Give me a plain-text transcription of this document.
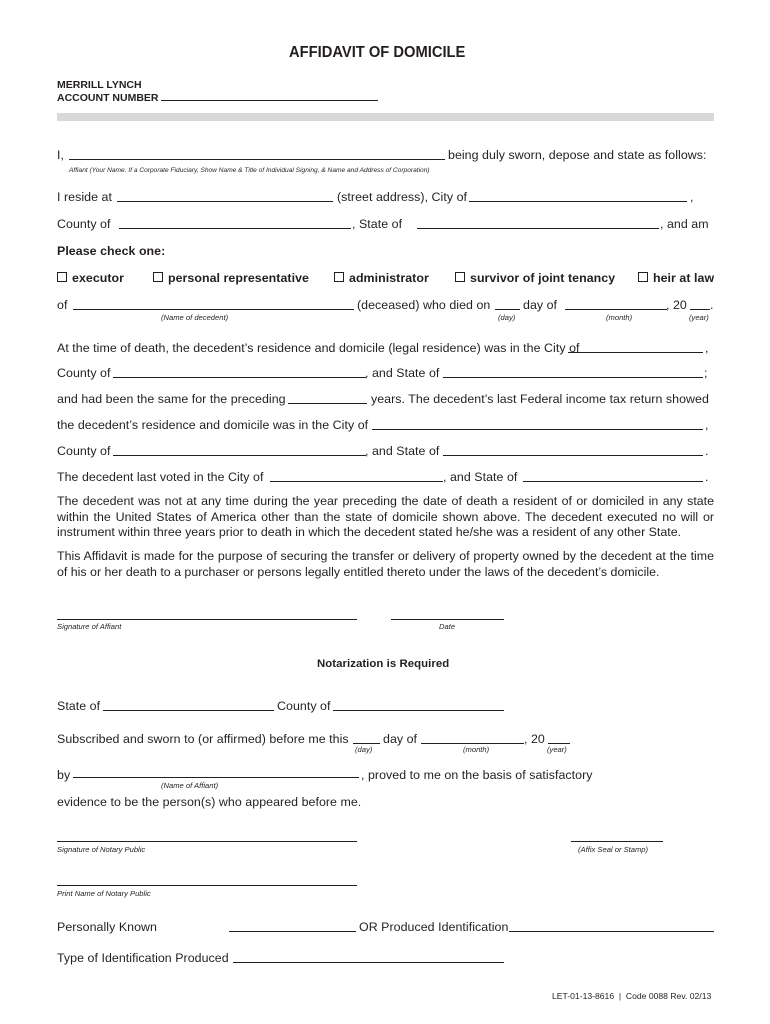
AFFIDAVIT OF DOMICILE
MERRILL LYNCH
ACCOUNT NUMBER
I,	being duly sworn, depose and state as follows:
Affiant (Your Name. If a Corporate Fiduciary, Show Name & Title of Individual Signing, & Name and Address of Corporation)
I reside at	(street address), City of	,
County of	, State of	, and am
Please check one:
executor	personal representative	administrator	survivor of joint tenancy	heir at law
of	(deceased) who died on	day of	, 20 .
(Name of decedent)	(day)	(month)	(year)
At the time of death, the decedent’s residence and domicile (legal residence) was in the City of	,
County of	, and State of	;
and had been the same for the preceding	years. The decedent’s last Federal income tax return showed
the decedent’s residence and domicile was in the City of	,
County of	, and State of	.
The decedent last voted in the City of	, and State of	.
The decedent was not at any time during the year preceding the date of death a resident of or domiciled in any state within the United States of America other than the state of domicile shown above. The decedent executed no will or instrument within three years prior to death in which the decedent stated he/she was a resident of any other State.
This Affidavit is made for the purpose of securing the transfer or delivery of property owned by the decedent at the time of his or her death to a purchaser or persons legally entitled thereto under the laws of the decedent’s domicile.
Signature of Affiant	Date
Notarization is Required
State of	County of
Subscribed and sworn to (or affirmed) before me this	day of	, 20
(day)	(month)	(year)
by	, proved to me on the basis of satisfactory
(Name of Affiant)
evidence to be the person(s) who appeared before me.
Signature of Notary Public	(Affix Seal or Stamp)
Print Name of Notary Public
Personally Known	OR Produced Identification
Type of Identification Produced
LET-01-13-8616  |  Code 0088 Rev. 02/13
